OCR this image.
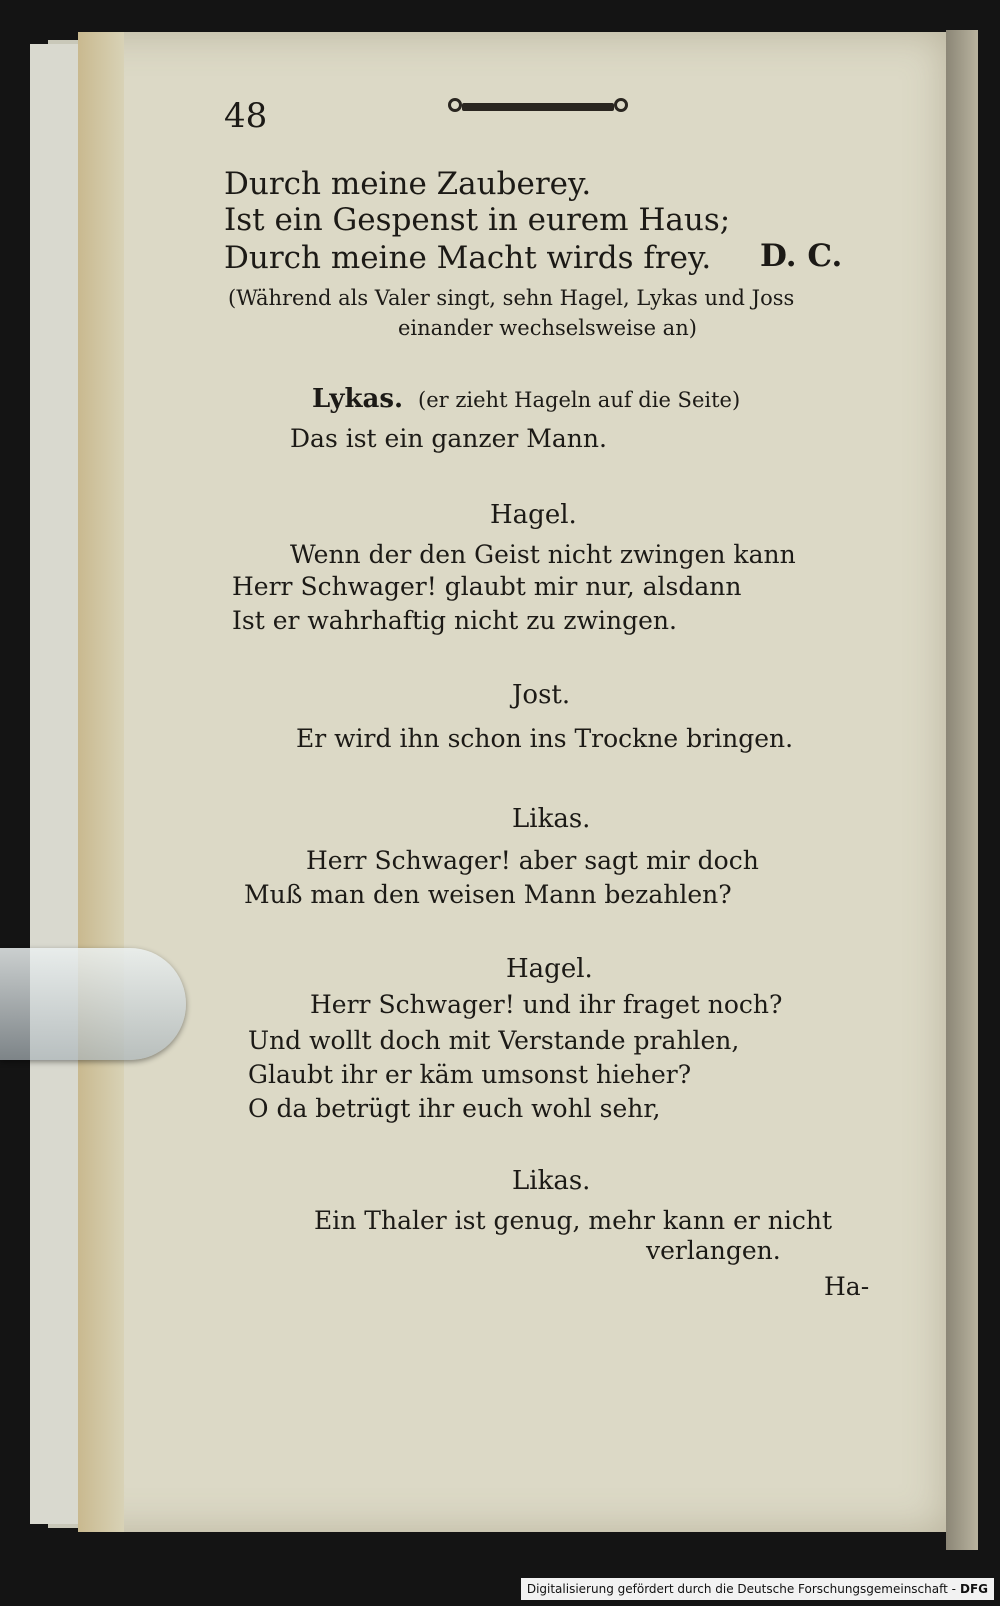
48
Durch meine Zauberey.
Ist ein Gespenst in eurem Haus;
Durch meine Macht wirds frey. D. C.
(Während als Valer singt, sehn Hagel, Lykas und Joss
einander wechselsweise an)
Lykas. (er zieht Hageln auf die Seite)
Das ist ein ganzer Mann.
Hagel.
Wenn der den Geist nicht zwingen kann
Herr Schwager! glaubt mir nur, alsdann
Ist er wahrhaftig nicht zu zwingen.
Jost.
Er wird ihn schon ins Trockne bringen.
Likas.
Herr Schwager! aber sagt mir doch
Muß man den weisen Mann bezahlen?
Hagel.
Herr Schwager! und ihr fraget noch?
Und wollt doch mit Verstande prahlen,
Glaubt ihr er käm umsonst hieher?
O da betrügt ihr euch wohl sehr,
Likas.
Ein Thaler ist genug, mehr kann er nicht
verlangen.
Ha-
Digitalisierung gefördert durch die Deutsche Forschungsgemeinschaft - DFG
